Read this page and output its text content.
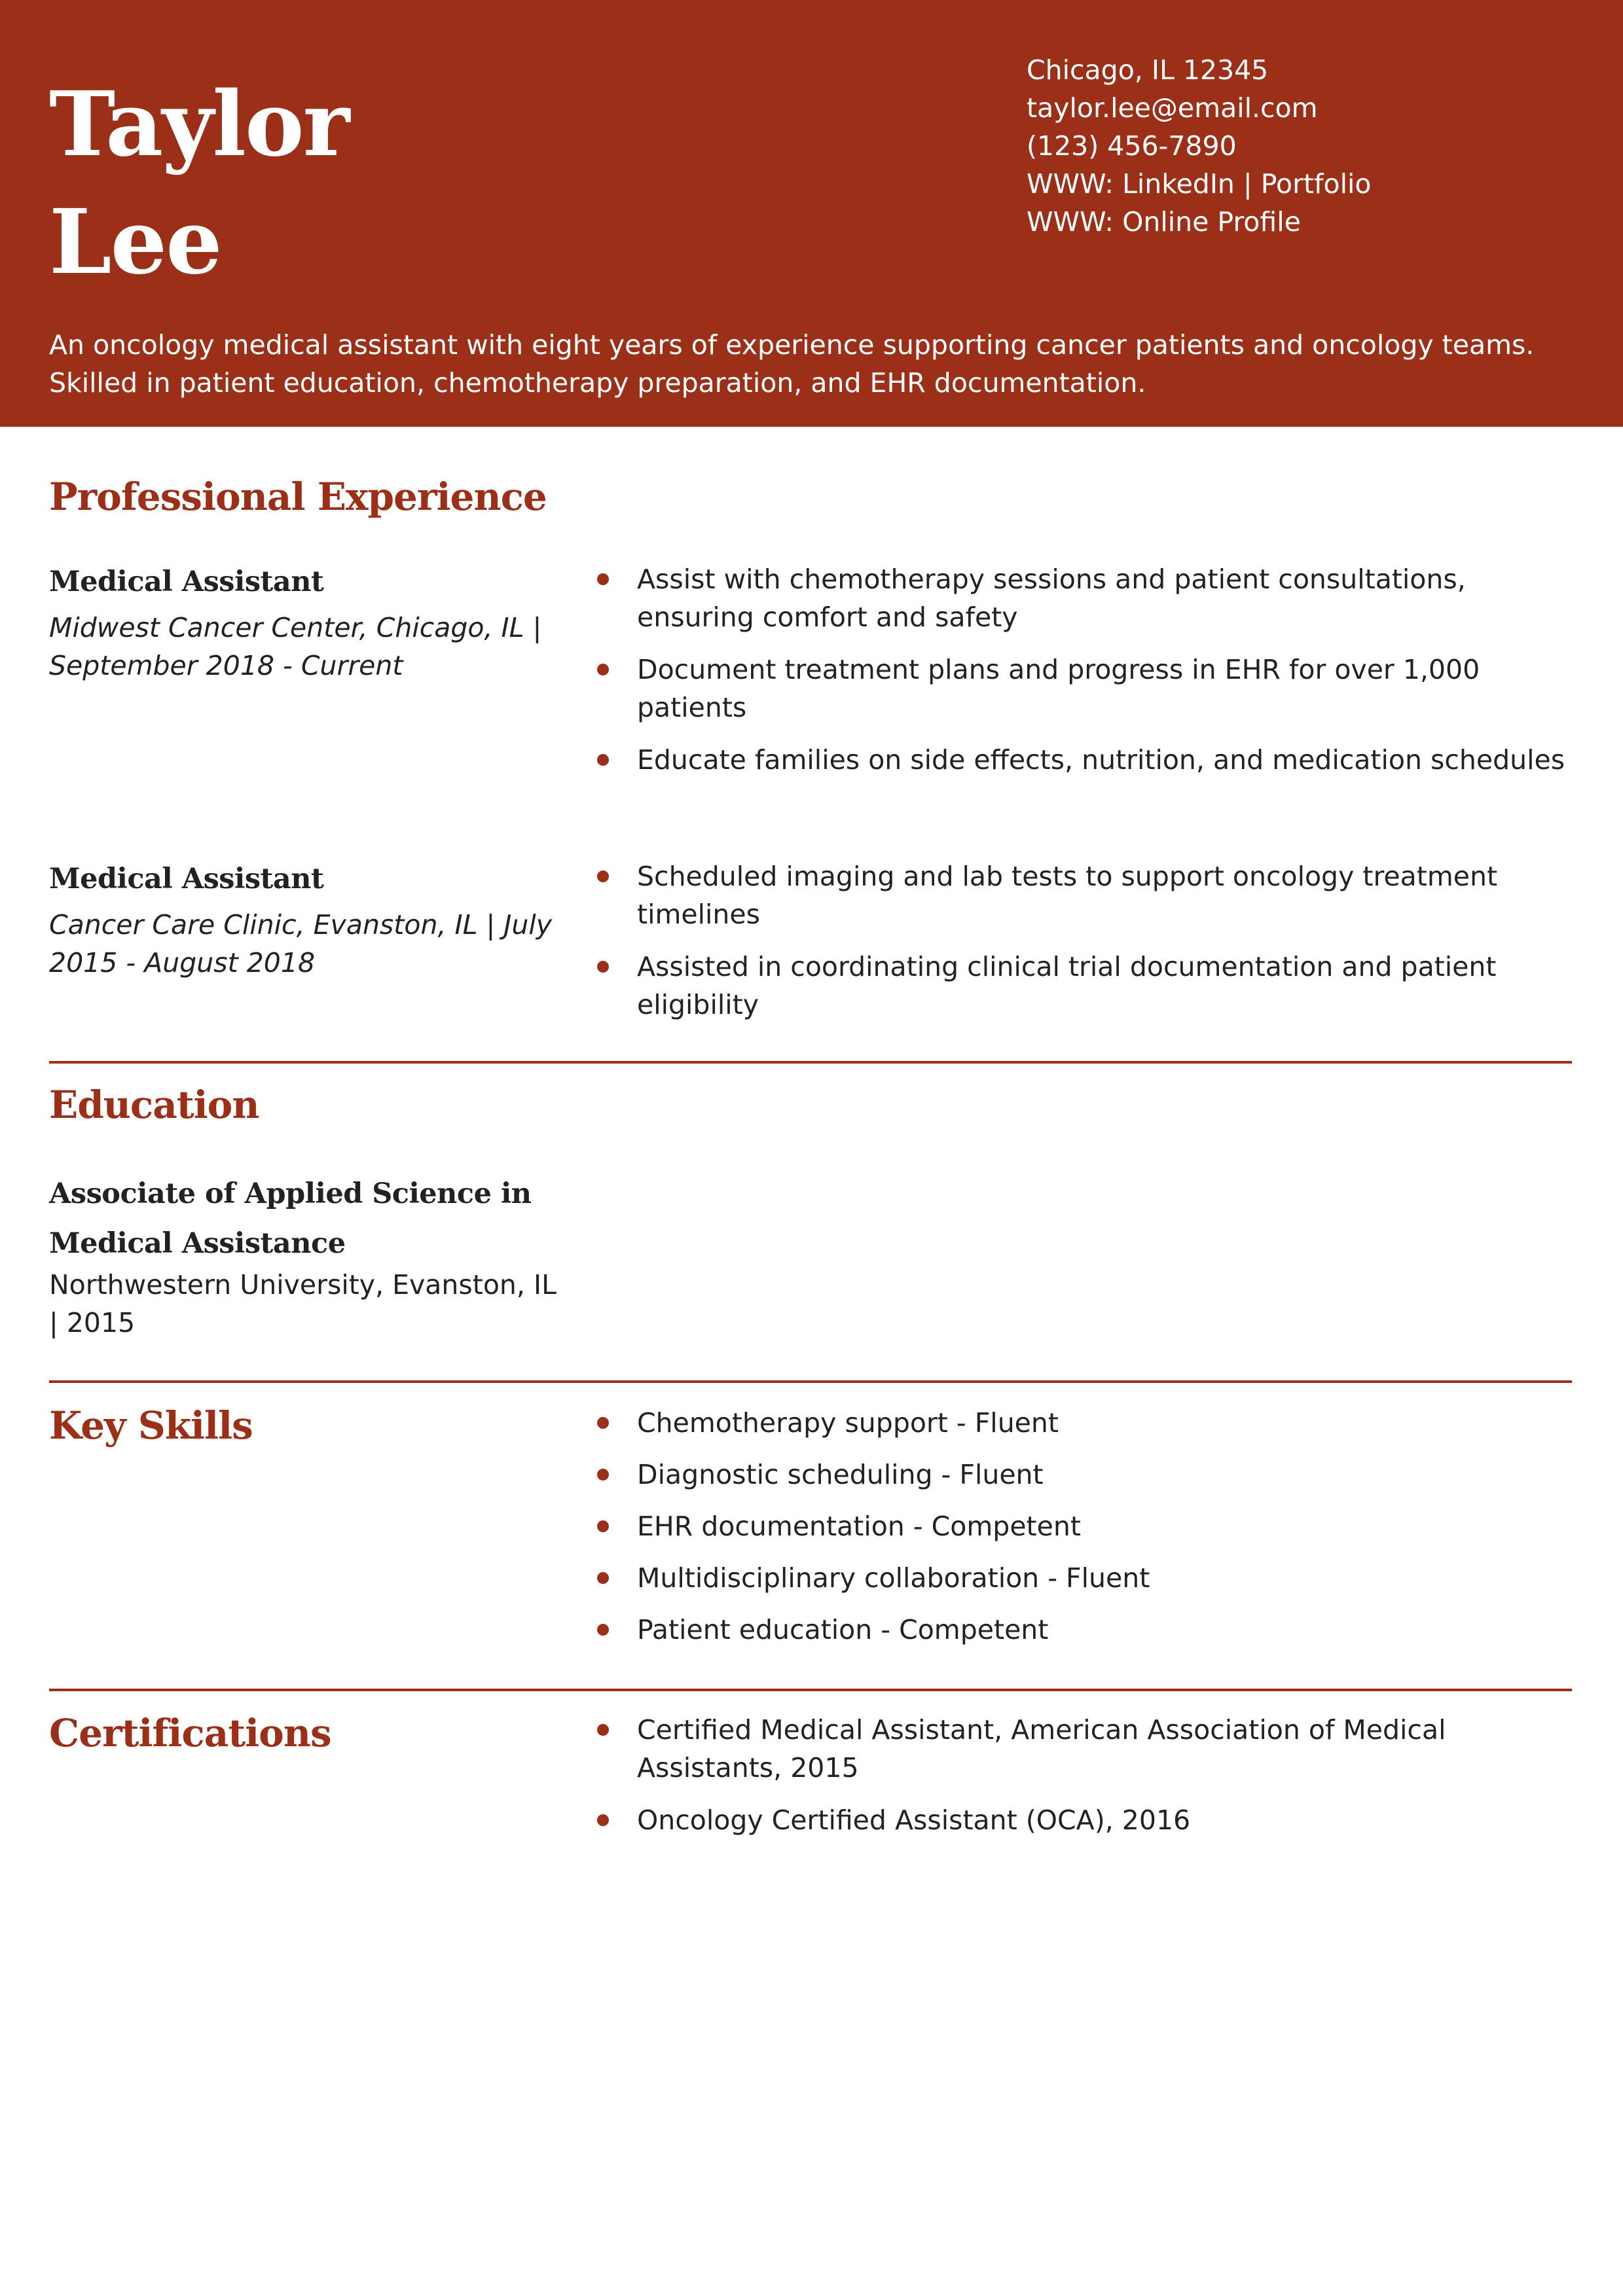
Taylor
Lee
Chicago, IL 12345
taylor.lee@email.com
(123) 456-7890
WWW: LinkedIn | Portfolio
WWW: Online Profile
An oncology medical assistant with eight years of experience supporting cancer patients and oncology teams. Skilled in patient education, chemotherapy preparation, and EHR documentation.
Professional Experience
Medical Assistant
Midwest Cancer Center, Chicago, IL | September 2018 - Current
Assist with chemotherapy sessions and patient consultations, ensuring comfort and safety
Document treatment plans and progress in EHR for over 1,000 patients
Educate families on side effects, nutrition, and medication schedules
Medical Assistant
Cancer Care Clinic, Evanston, IL | July 2015 - August 2018
Scheduled imaging and lab tests to support oncology treatment timelines
Assisted in coordinating clinical trial documentation and patient eligibility
Education
Associate of Applied Science in Medical Assistance
Northwestern University, Evanston, IL | 2015
Key Skills	Chemotherapy support - Fluent
Diagnostic scheduling - Fluent
EHR documentation - Competent
Multidisciplinary collaboration - Fluent
Patient education - Competent
Certifications	Certified Medical Assistant, American Association of Medical Assistants, 2015
Oncology Certified Assistant (OCA), 2016
